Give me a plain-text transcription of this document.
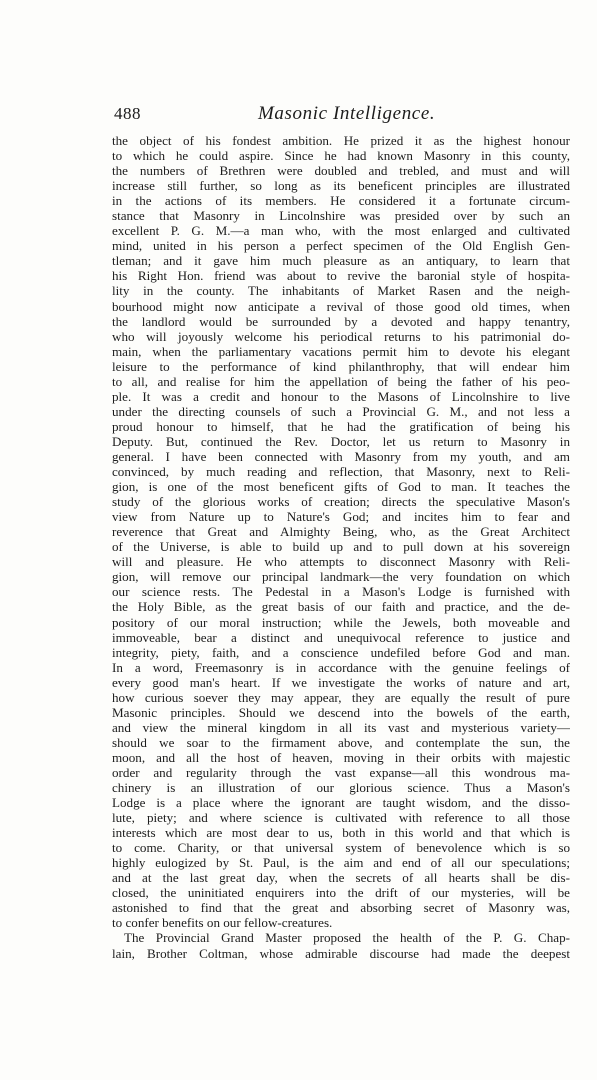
488	Masonic Intelligence.
the object of his fondest ambition. He prized it as the highest honour
to which he could aspire. Since he had known Masonry in this county,
the numbers of Brethren were doubled and trebled, and must and will
increase still further, so long as its beneficent principles are illustrated
in the actions of its members. He considered it a fortunate circum-
stance that Masonry in Lincolnshire was presided over by such an
excellent P. G. M.—a man who, with the most enlarged and cultivated
mind, united in his person a perfect specimen of the Old English Gen-
tleman; and it gave him much pleasure as an antiquary, to learn that
his Right Hon. friend was about to revive the baronial style of hospita-
lity in the county. The inhabitants of Market Rasen and the neigh-
bourhood might now anticipate a revival of those good old times, when
the landlord would be surrounded by a devoted and happy tenantry,
who will joyously welcome his periodical returns to his patrimonial do-
main, when the parliamentary vacations permit him to devote his elegant
leisure to the performance of kind philanthrophy, that will endear him
to all, and realise for him the appellation of being the father of his peo-
ple. It was a credit and honour to the Masons of Lincolnshire to live
under the directing counsels of such a Provincial G. M., and not less a
proud honour to himself, that he had the gratification of being his
Deputy. But, continued the Rev. Doctor, let us return to Masonry in
general. I have been connected with Masonry from my youth, and am
convinced, by much reading and reflection, that Masonry, next to Reli-
gion, is one of the most beneficent gifts of God to man. It teaches the
study of the glorious works of creation; directs the speculative Mason's
view from Nature up to Nature's God; and incites him to fear and
reverence that Great and Almighty Being, who, as the Great Architect
of the Universe, is able to build up and to pull down at his sovereign
will and pleasure. He who attempts to disconnect Masonry with Reli-
gion, will remove our principal landmark—the very foundation on which
our science rests. The Pedestal in a Mason's Lodge is furnished with
the Holy Bible, as the great basis of our faith and practice, and the de-
pository of our moral instruction; while the Jewels, both moveable and
immoveable, bear a distinct and unequivocal reference to justice and
integrity, piety, faith, and a conscience undefiled before God and man.
In a word, Freemasonry is in accordance with the genuine feelings of
every good man's heart. If we investigate the works of nature and art,
how curious soever they may appear, they are equally the result of pure
Masonic principles. Should we descend into the bowels of the earth,
and view the mineral kingdom in all its vast and mysterious variety—
should we soar to the firmament above, and contemplate the sun, the
moon, and all the host of heaven, moving in their orbits with majestic
order and regularity through the vast expanse—all this wondrous ma-
chinery is an illustration of our glorious science. Thus a Mason's
Lodge is a place where the ignorant are taught wisdom, and the disso-
lute, piety; and where science is cultivated with reference to all those
interests which are most dear to us, both in this world and that which is
to come. Charity, or that universal system of benevolence which is so
highly eulogized by St. Paul, is the aim and end of all our speculations;
and at the last great day, when the secrets of all hearts shall be dis-
closed, the uninitiated enquirers into the drift of our mysteries, will be
astonished to find that the great and absorbing secret of Masonry was,
to confer benefits on our fellow-creatures.
The Provincial Grand Master proposed the health of the P. G. Chap-
lain, Brother Coltman, whose admirable discourse had made the deepest
